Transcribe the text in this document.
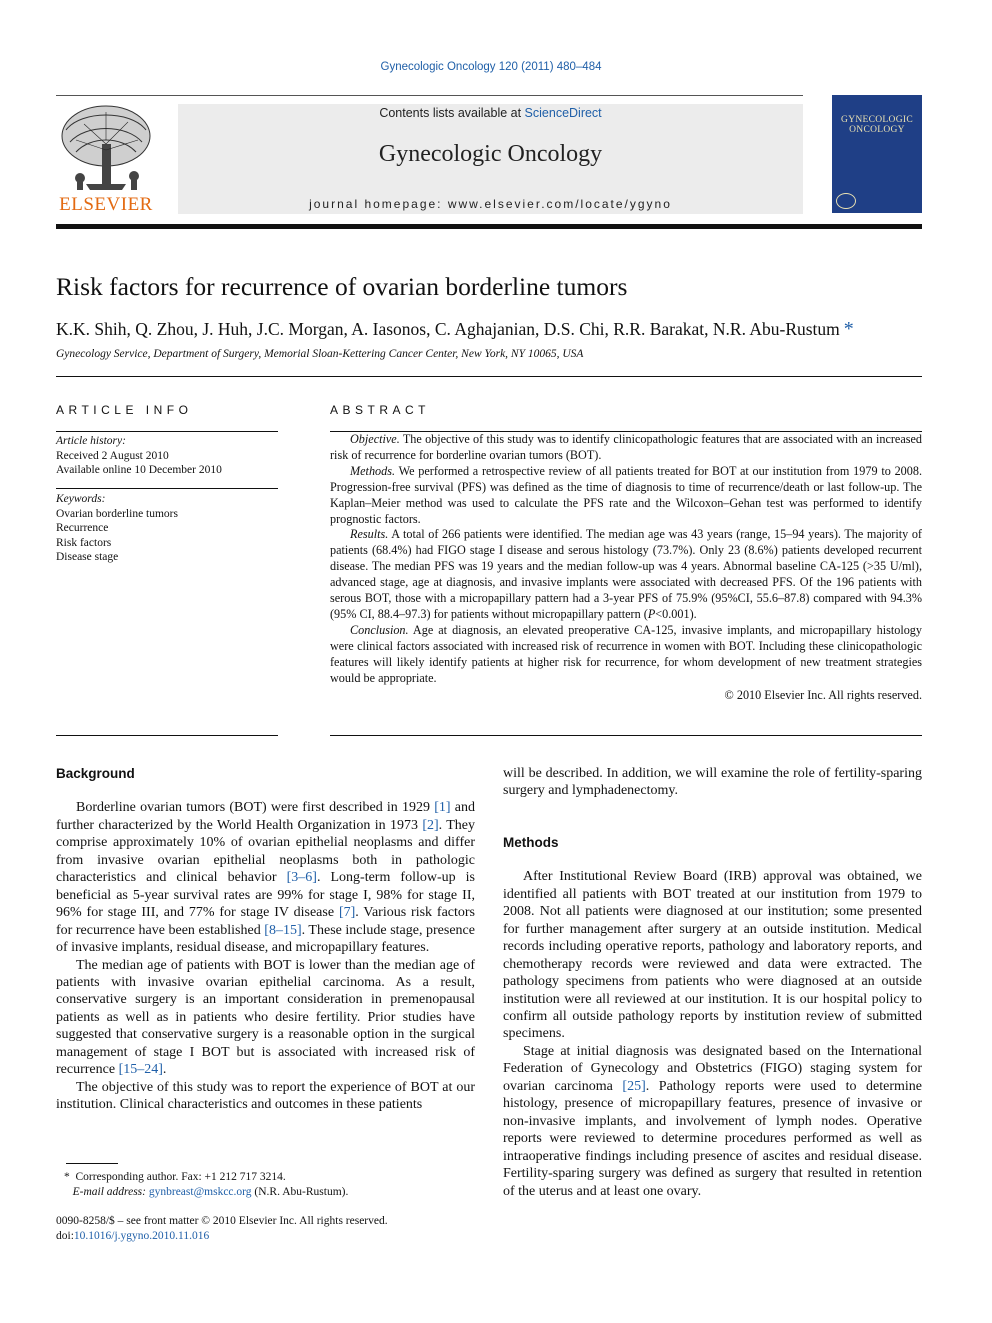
Gynecologic Oncology 120 (2011) 480–484
ELSEVIER
Contents lists available at ScienceDirect
Gynecologic Oncology
journal homepage: www.elsevier.com/locate/ygyno
GYNECOLOGIC
ONCOLOGY
Risk factors for recurrence of ovarian borderline tumors
K.K. Shih, Q. Zhou, J. Huh, J.C. Morgan, A. Iasonos, C. Aghajanian, D.S. Chi, R.R. Barakat, N.R. Abu-Rustum *
Gynecology Service, Department of Surgery, Memorial Sloan-Kettering Cancer Center, New York, NY 10065, USA
ARTICLE INFO
Article history:
Received 2 August 2010
Available online 10 December 2010
Keywords:
Ovarian borderline tumors
Recurrence
Risk factors
Disease stage
ABSTRACT

Objective. The objective of this study was to identify clinicopathologic features that are associated with an increased risk of recurrence for borderline ovarian tumors (BOT).

Methods. We performed a retrospective review of all patients treated for BOT at our institution from 1979 to 2008. Progression-free survival (PFS) was defined as the time of diagnosis to time of recurrence/death or last follow-up. The Kaplan–Meier method was used to calculate the PFS rate and the Wilcoxon–Gehan test was performed to identify prognostic factors.

Results. A total of 266 patients were identified. The median age was 43 years (range, 15–94 years). The majority of patients (68.4%) had FIGO stage I disease and serous histology (73.7%). Only 23 (8.6%) patients developed recurrent disease. The median PFS was 19 years and the median follow-up was 4 years. Abnormal baseline CA-125 (>35 U/ml), advanced stage, age at diagnosis, and invasive implants were associated with decreased PFS. Of the 196 patients with serous BOT, those with a micropapillary pattern had a 3-year PFS of 75.9% (95%CI, 55.6–87.8) compared with 94.3% (95% CI, 88.4–97.3) for patients without micropapillary pattern (P<0.001).

Conclusion. Age at diagnosis, an elevated preoperative CA-125, invasive implants, and micropapillary histology were clinical factors associated with increased risk of recurrence in women with BOT. Including these clinicopathologic features will likely identify patients at higher risk for recurrence, for whom development of new treatment strategies would be appropriate.

© 2010 Elsevier Inc. All rights reserved.

Background

Borderline ovarian tumors (BOT) were first described in 1929 [1] and further characterized by the World Health Organization in 1973 [2]. They comprise approximately 10% of ovarian epithelial neoplasms and differ from invasive ovarian epithelial neoplasms both in pathologic characteristics and clinical behavior [3–6]. Long-term follow-up is beneficial as 5-year survival rates are 99% for stage I, 98% for stage II, 96% for stage III, and 77% for stage IV disease [7]. Various risk factors for recurrence have been established [8–15]. These include stage, presence of invasive implants, residual disease, and micropapillary features.

The median age of patients with BOT is lower than the median age of patients with invasive ovarian epithelial carcinoma. As a result, conservative surgery is an important consideration in premenopausal patients as well as in patients who desire fertility. Prior studies have suggested that conservative surgery is a reasonable option in the surgical management of stage I BOT but is associated with increased risk of recurrence [15–24].

The objective of this study was to report the experience of BOT at our institution. Clinical characteristics and outcomes in these patients

will be described. In addition, we will examine the role of fertility-sparing surgery and lymphadenectomy.

Methods

After Institutional Review Board (IRB) approval was obtained, we identified all patients with BOT treated at our institution from 1979 to 2008. Not all patients were diagnosed at our institution; some presented for further management after surgery at an outside institution. Medical records including operative reports, pathology and laboratory reports, and chemotherapy records were reviewed and data were extracted. The pathology specimens from patients who were diagnosed at an outside institution were all reviewed at our institution. It is our hospital policy to confirm all outside pathology reports by institution review of submitted specimens.

Stage at initial diagnosis was designated based on the International Federation of Gynecology and Obstetrics (FIGO) staging system for ovarian carcinoma [25]. Pathology reports were used to determine histology, presence of micropapillary features, presence of invasive or non-invasive implants, and involvement of lymph nodes. Operative reports were reviewed to determine procedures performed as well as intraoperative findings including presence of ascites and residual disease. Fertility-sparing surgery was defined as surgery that resulted in retention of the uterus and at least one ovary.

* Corresponding author. Fax: +1 212 717 3214.
E-mail address: gynbreast@mskcc.org (N.R. Abu-Rustum).
0090-8258/$ – see front matter © 2010 Elsevier Inc. All rights reserved.
doi:10.1016/j.ygyno.2010.11.016
